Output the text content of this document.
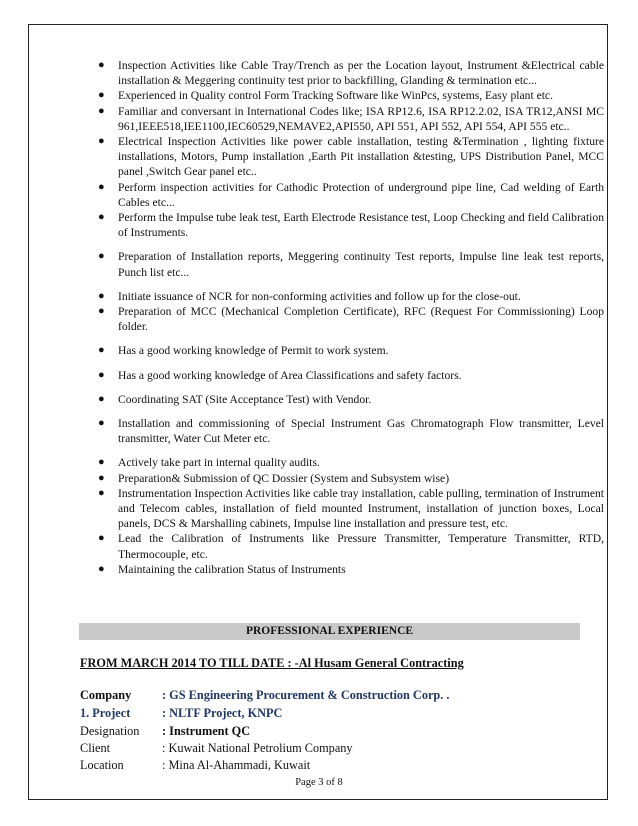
● Inspection Activities like Cable Tray/Trench as per the Location layout, Instrument &Electrical cable installation & Meggering continuity test prior to backfilling, Glanding & termination etc...
● Experienced in Quality control Form Tracking Software like WinPcs, systems, Easy plant etc.
● Familiar and conversant in International Codes like; ISA RP12.6, ISA RP12.2.02, ISA TR12,ANSI MC 961,IEEE518,IEE1100,IEC60529,NEMAVE2,API550, API 551, API 552, API 554, API 555 etc..
● Electrical Inspection Activities like power cable installation, testing &Termination , lighting fixture installations, Motors, Pump installation ,Earth Pit installation &testing, UPS Distribution Panel, MCC panel ,Switch Gear panel etc..
● Perform inspection activities for Cathodic Protection of underground pipe line, Cad welding of Earth Cables etc...
● Perform the Impulse tube leak test, Earth Electrode Resistance test, Loop Checking and field Calibration of Instruments.
● Preparation of Installation reports, Meggering continuity Test reports, Impulse line leak test reports, Punch list etc...
● Initiate issuance of NCR for non-conforming activities and follow up for the close-out.
● Preparation of MCC (Mechanical Completion Certificate), RFC (Request For Commissioning) Loop folder.
● Has a good working knowledge of Permit to work system.
● Has a good working knowledge of Area Classifications and safety factors.
● Coordinating SAT (Site Acceptance Test) with Vendor.
● Installation and commissioning of Special Instrument Gas Chromatograph Flow transmitter, Level transmitter, Water Cut Meter etc.
● Actively take part in internal quality audits.
● Preparation& Submission of QC Dossier (System and Subsystem wise)
● Instrumentation Inspection Activities like cable tray installation, cable pulling, termination of Instrument and Telecom cables, installation of field mounted Instrument, installation of junction boxes, Local panels, DCS & Marshalling cabinets, Impulse line installation and pressure test, etc.
● Lead the Calibration of Instruments like Pressure Transmitter, Temperature Transmitter, RTD, Thermocouple, etc.
● Maintaining the calibration Status of Instruments
PROFESSIONAL EXPERIENCE
FROM MARCH 2014 TO TILL DATE : -Al Husam General Contracting
Company	: GS Engineering Procurement & Construction Corp. .
1. Project	: NLTF Project, KNPC
Designation : Instrument QC
Client	: Kuwait National Petrolium Company
Location	: Mina Al-Ahammadi, Kuwait
Page 3 of 8
